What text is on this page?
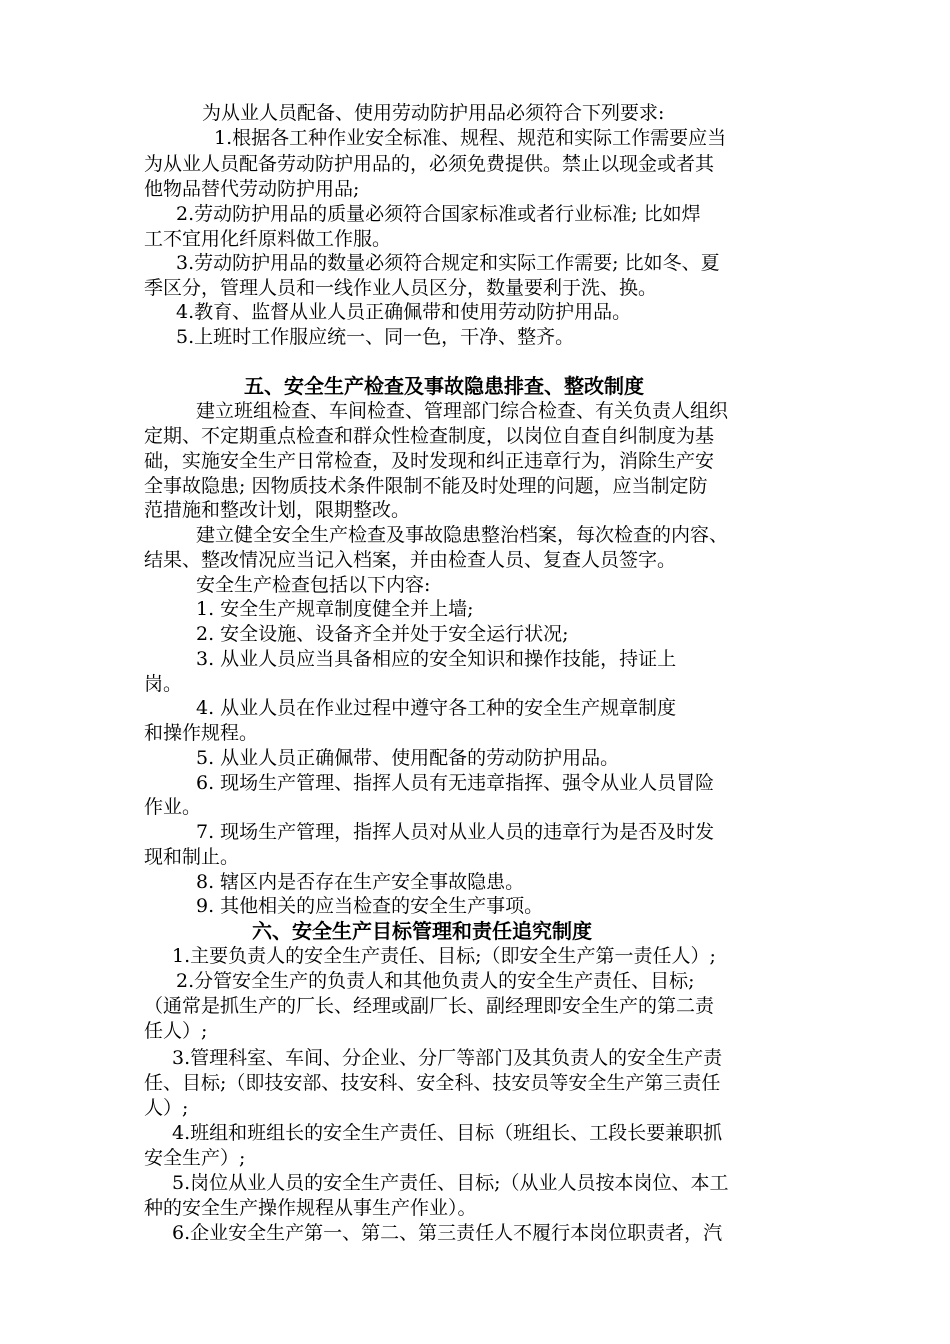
为从业人员配备、使用劳动防护用品必须符合下列要求:
1.根据各工种作业安全标准、规程、规范和实际工作需要应当
为从业人员配备劳动防护用品的，必须免费提供。禁止以现金或者其
他物品替代劳动防护用品;
2.劳动防护用品的质量必须符合国家标准或者行业标准; 比如焊
工不宜用化纤原料做工作服。
3.劳动防护用品的数量必须符合规定和实际工作需要; 比如冬、夏
季区分，管理人员和一线作业人员区分，数量要利于洗、换。
4.教育、监督从业人员正确佩带和使用劳动防护用品。
5.上班时工作服应统一、同一色，干净、整齐。
五、安全生产检查及事故隐患排查、整改制度
建立班组检查、车间检查、管理部门综合检查、有关负责人组织
定期、不定期重点检查和群众性检查制度，以岗位自查自纠制度为基
础，实施安全生产日常检查，及时发现和纠正违章行为，消除生产安
全事故隐患; 因物质技术条件限制不能及时处理的问题，应当制定防
范措施和整改计划，限期整改。
建立健全安全生产检查及事故隐患整治档案，每次检查的内容、
结果、整改情况应当记入档案，并由检查人员、复查人员签字。
安全生产检查包括以下内容:
1. 安全生产规章制度健全并上墙;
2. 安全设施、设备齐全并处于安全运行状况;
3. 从业人员应当具备相应的安全知识和操作技能，持证上
岗。
4. 从业人员在作业过程中遵守各工种的安全生产规章制度
和操作规程。
5. 从业人员正确佩带、使用配备的劳动防护用品。
6. 现场生产管理、指挥人员有无违章指挥、强令从业人员冒险
作业。
7. 现场生产管理，指挥人员对从业人员的违章行为是否及时发
现和制止。
8. 辖区内是否存在生产安全事故隐患。
9. 其他相关的应当检查的安全生产事项。
六、安全生产目标管理和责任追究制度
1.主要负责人的安全生产责任、目标;（即安全生产第一责任人）;
2.分管安全生产的负责人和其他负责人的安全生产责任、目标;
（通常是抓生产的厂长、经理或副厂长、副经理即安全生产的第二责
任人）;
3.管理科室、车间、分企业、分厂等部门及其负责人的安全生产责
任、目标;（即技安部、技安科、安全科、技安员等安全生产第三责任
人）;
4.班组和班组长的安全生产责任、目标（班组长、工段长要兼职抓
安全生产）;
5.岗位从业人员的安全生产责任、目标;（从业人员按本岗位、本工
种的安全生产操作规程从事生产作业）。
6.企业安全生产第一、第二、第三责任人不履行本岗位职责者，汽
